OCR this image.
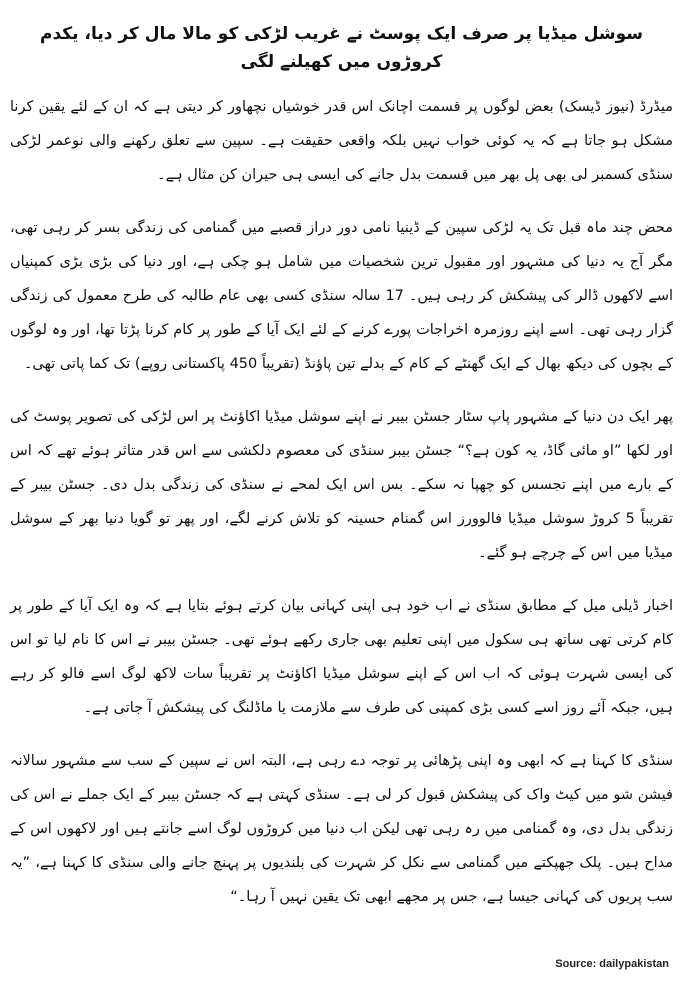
سوشل میڈیا پر صرف ایک پوسٹ نے غریب لڑکی کو مالا مال کر دیا، یکدم کروڑوں میں کھیلنے لگی

میڈرڈ (نیوز ڈیسک) بعض لوگوں پر قسمت اچانک اس قدر خوشیاں نچھاور کر دیتی ہے کہ ان کے لئے یقین کرنا مشکل ہو جاتا ہے کہ یہ کوئی خواب نہیں بلکہ واقعی حقیقت ہے۔ سپین سے تعلق رکھنے والی نوعمر لڑکی سنڈی کسمبر لی بھی پل بھر میں قسمت بدل جانے کی ایسی ہی حیران کن مثال ہے۔

محض چند ماہ قبل تک یہ لڑکی سپین کے ڈینیا نامی دور دراز قصبے میں گمنامی کی زندگی بسر کر رہی تھی، مگر آج یہ دنیا کی مشہور اور مقبول ترین شخصیات میں شامل ہو چکی ہے، اور دنیا کی بڑی بڑی کمپنیاں اسے لاکھوں ڈالر کی پیشکش کر رہی ہیں۔ 17 سالہ سنڈی کسی بھی عام طالبہ کی طرح معمول کی زندگی گزار رہی تھی۔ اسے اپنے روزمرہ اخراجات پورے کرنے کے لئے ایک آیا کے طور پر کام کرنا پڑتا تھا، اور وہ لوگوں کے بچوں کی دیکھ بھال کے ایک گھنٹے کے کام کے بدلے تین پاؤنڈ (تقریباً 450 پاکستانی روپے) تک کما پاتی تھی۔

پھر ایک دن دنیا کے مشہور پاپ سٹار جسٹن بیبر نے اپنے سوشل میڈیا اکاؤنٹ پر اس لڑکی کی تصویر پوسٹ کی اور لکھا ”او مائی گاڈ، یہ کون ہے؟“ جسٹن بیبر سنڈی کی معصوم دلکشی سے اس قدر متاثر ہوئے تھے کہ اس کے بارے میں اپنے تجسس کو چھپا نہ سکے۔ بس اس ایک لمحے نے سنڈی کی زندگی بدل دی۔ جسٹن بیبر کے تقریباً 5 کروڑ سوشل میڈیا فالوورز اس گمنام حسینہ کو تلاش کرنے لگے، اور پھر تو گویا دنیا بھر کے سوشل میڈیا میں اس کے چرچے ہو گئے۔

اخبار ڈیلی میل کے مطابق سنڈی نے اب خود ہی اپنی کہانی بیان کرتے ہوئے بتایا ہے کہ وہ ایک آیا کے طور پر کام کرتی تھی ساتھ ہی سکول میں اپنی تعلیم بھی جاری رکھے ہوئے تھی۔ جسٹن بیبر نے اس کا نام لیا تو اس کی ایسی شہرت ہوئی کہ اب اس کے اپنے سوشل میڈیا اکاؤنٹ پر تقریباً سات لاکھ لوگ اسے فالو کر رہے ہیں، جبکہ آئے روز اسے کسی بڑی کمپنی کی طرف سے ملازمت یا ماڈلنگ کی پیشکش آ جاتی ہے۔

سنڈی کا کہنا ہے کہ ابھی وہ اپنی پڑھائی پر توجہ دے رہی ہے، البتہ اس نے سپین کے سب سے مشہور سالانہ فیشن شو میں کیٹ واک کی پیشکش قبول کر لی ہے۔ سنڈی کہتی ہے کہ جسٹن بیبر کے ایک جملے نے اس کی زندگی بدل دی، وہ گمنامی میں رہ رہی تھی لیکن اب دنیا میں کروڑوں لوگ اسے جانتے ہیں اور لاکھوں اس کے مداح ہیں۔ پلک جھپکتے میں گمنامی سے نکل کر شہرت کی بلندیوں پر پہنچ جانے والی سنڈی کا کہنا ہے، ”یہ سب پریوں کی کہانی جیسا ہے، جس پر مجھے ابھی تک یقین نہیں آ رہا۔“

Source: dailypakistan
